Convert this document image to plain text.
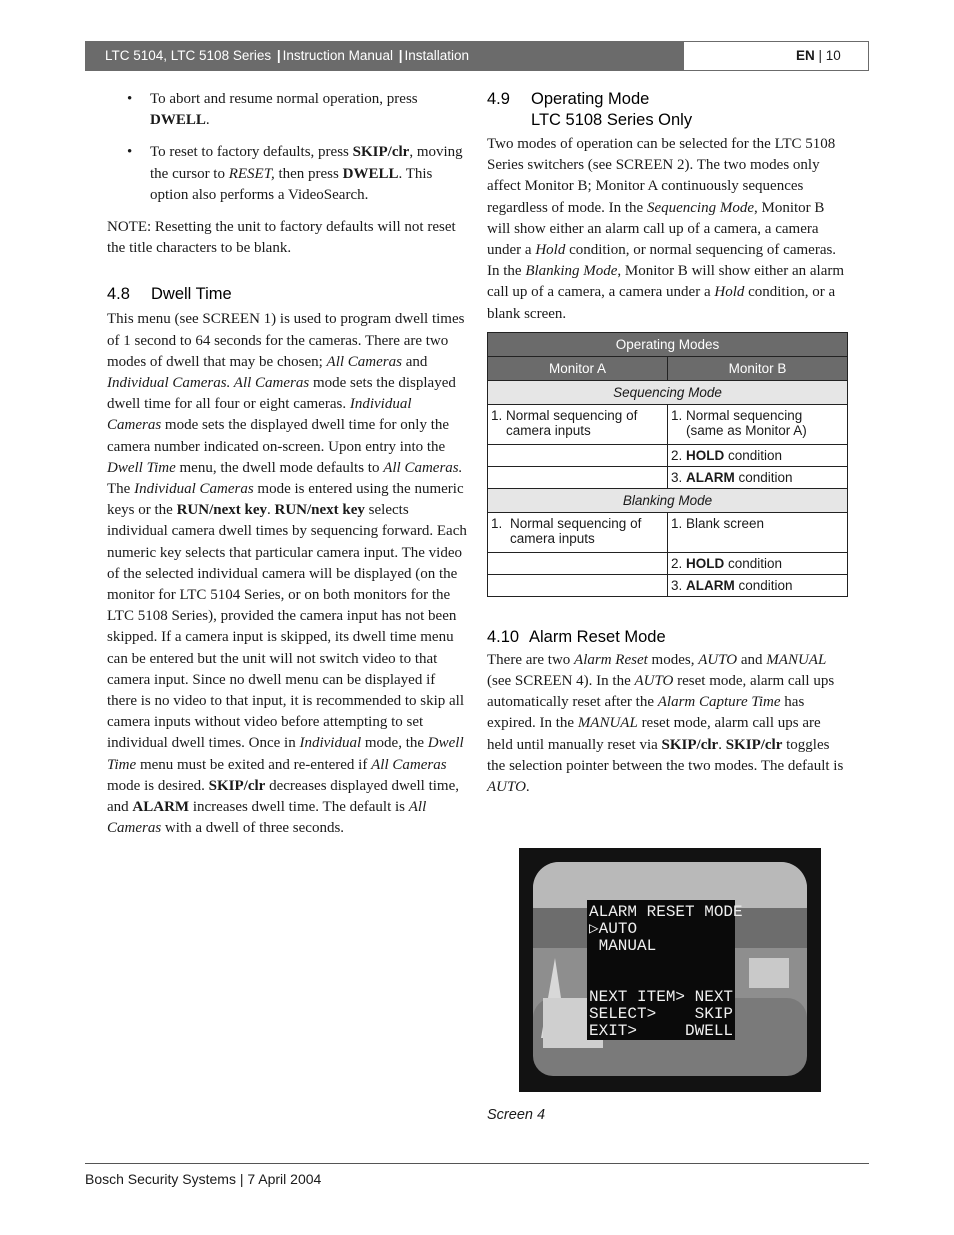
LTC 5104, LTC 5108 Series | Instruction Manual | Installation	EN | 10
• To abort and resume normal operation, press DWELL.
• To reset to factory defaults, press SKIP/clr, moving the cursor to RESET, then press DWELL. This option also performs a VideoSearch.

NOTE: Resetting the unit to factory defaults will not reset the title characters to be blank.

4.8 Dwell Time

This menu (see SCREEN 1) is used to program dwell times of 1 second to 64 seconds for the cameras. There are two modes of dwell that may be chosen; All Cameras and Individual Cameras. All Cameras mode sets the displayed dwell time for all four or eight cameras. Individual Cameras mode sets the displayed dwell time for only the camera number indicated on-screen. Upon entry into the Dwell Time menu, the dwell mode defaults to All Cameras. The Individual Cameras mode is entered using the numeric keys or the RUN/next key. RUN/next key selects individual camera dwell times by sequencing forward. Each numeric key selects that particular camera input. The video of the selected individual camera will be displayed (on the monitor for LTC 5104 Series, or on both monitors for the LTC 5108 Series), provided the camera input has not been skipped. If a camera input is skipped, its dwell time menu can be entered but the unit will not switch video to that camera input. Since no dwell menu can be displayed if there is no video to that input, it is recommended to skip all camera inputs without video before attempting to set individual dwell times. Once in Individual mode, the Dwell Time menu must be exited and re-entered if All Cameras mode is desired. SKIP/clr decreases displayed dwell time, and ALARM increases dwell time. The default is All Cameras with a dwell of three seconds.

4.9 Operating Mode
LTC 5108 Series Only

Two modes of operation can be selected for the LTC 5108 Series switchers (see SCREEN 2). The two modes only affect Monitor B; Monitor A continuously sequences regardless of mode. In the Sequencing Mode, Monitor B will show either an alarm call up of a camera, a camera under a Hold condition, or normal sequencing of cameras. In the Blanking Mode, Monitor B will show either an alarm call up of a camera, a camera under a Hold condition, or a blank screen.

Operating Modes	
Monitor A	Monitor B
Sequencing Mode	

1. Normal sequencing of camera inputs	1. Normal sequencing (same as Monitor A)

	2. HOLD condition
	3. ALARM condition
Blanking Mode	

1. Normal sequencing of camera inputs	1. Blank screen
	2. HOLD condition
	3. ALARM condition
4.10 Alarm Reset Mode

There are two Alarm Reset modes, AUTO and MANUAL (see SCREEN 4). In the AUTO reset mode, alarm call ups automatically reset after the Alarm Capture Time has expired. In the MANUAL reset mode, alarm call ups are held until manually reset via SKIP/clr. SKIP/clr toggles the selection pointer between the two modes. The default is AUTO.

ALARM RESET MODE
▷AUTO
MANUAL
NEXT ITEM> NEXT
SELECT>    SKIP
EXIT>     DWELL
Screen 4
Bosch Security Systems | 7 April 2004
